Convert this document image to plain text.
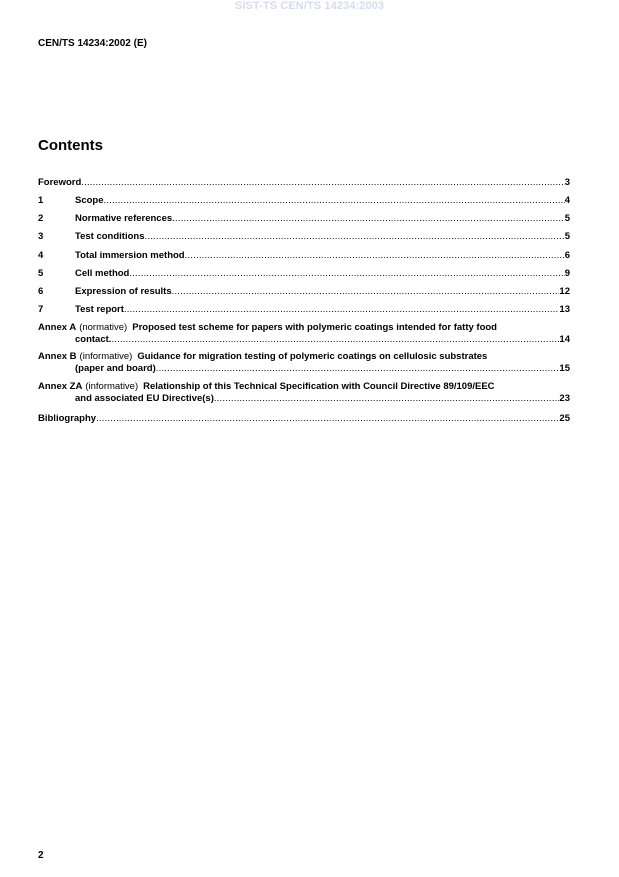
SIST-TS CEN/TS 14234:2003
CEN/TS 14234:2002 (E)
Contents
Foreword .....	3
1	Scope .....	4
2	Normative references .....	5
3	Test conditions .....	5
4	Total immersion method .....	6
5	Cell method .....	9
6	Expression of results .....	12
7	Test report .....	13
Annex A (normative) Proposed test scheme for papers with polymeric coatings intended for fatty food
contact. .....	14
Annex B (informative) Guidance for migration testing of polymeric coatings on cellulosic substrates
(paper and board) .....	15
Annex ZA (informative) Relationship of this Technical Specification with Council Directive 89/109/EEC
and associated EU Directive(s) .....	23
Bibliography .....	25
2
